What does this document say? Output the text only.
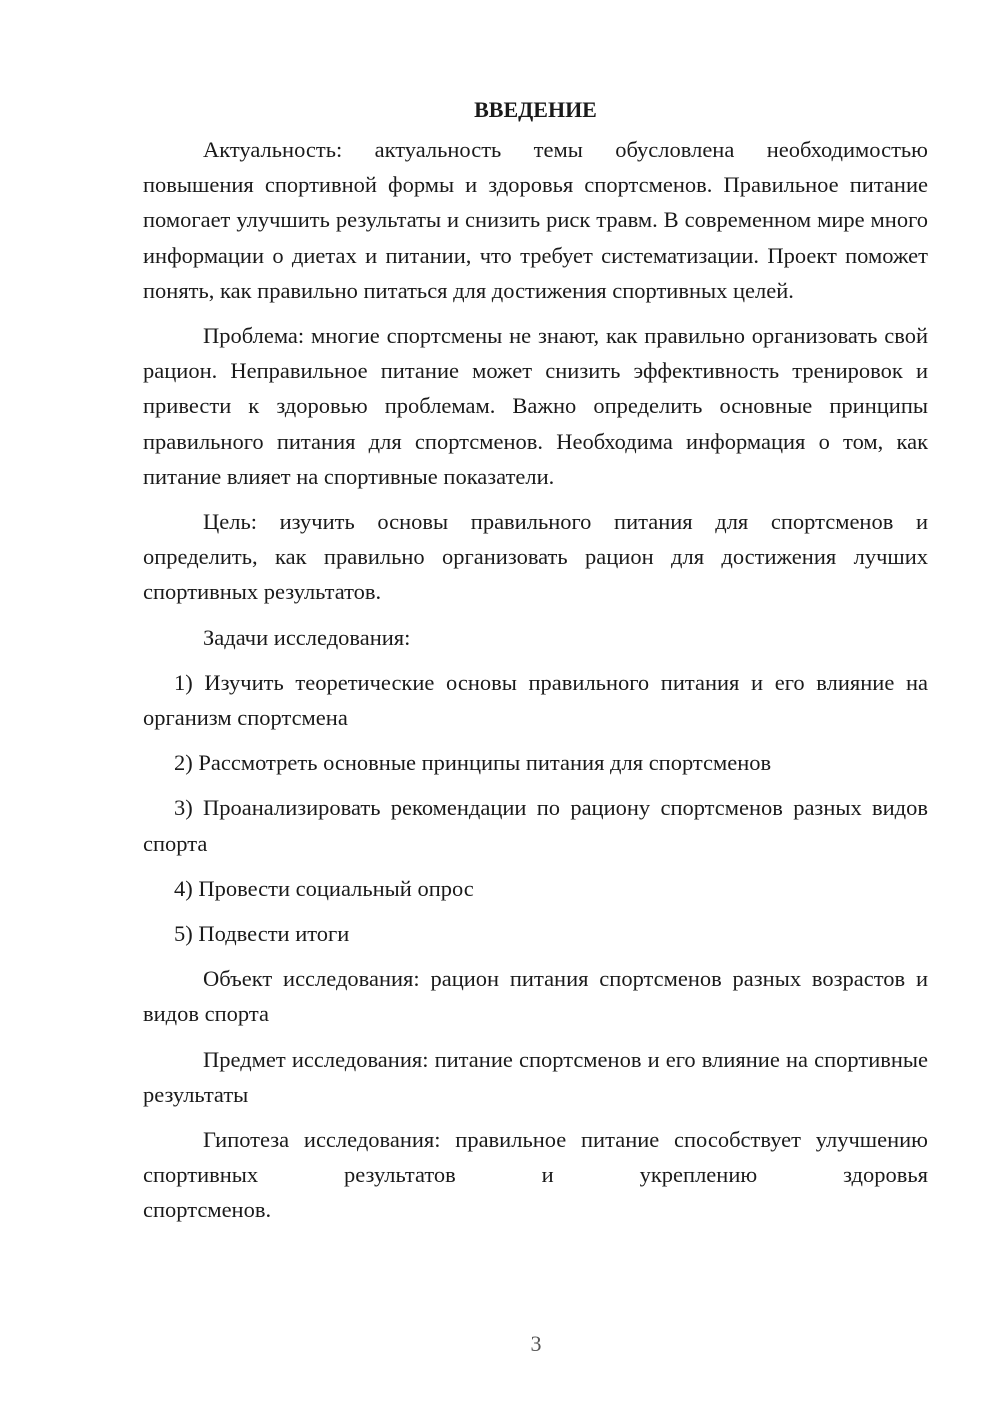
ВВЕДЕНИЕ

Актуальность: актуальность темы обусловлена необходимостью повышения спортивной формы и здоровья спортсменов. Правильное питание помогает улучшить результаты и снизить риск травм. В современном мире много информации о диетах и питании, что требует систематизации. Проект поможет понять, как правильно питаться для достижения спортивных целей.

Проблема: многие спортсмены не знают, как правильно организовать свой рацион. Неправильное питание может снизить эффективность тренировок и привести к здоровью проблемам. Важно определить основные принципы правильного питания для спортсменов. Необходима информация о том, как питание влияет на спортивные показатели.

Цель: изучить основы правильного питания для спортсменов и определить, как правильно организовать рацион для достижения лучших спортивных результатов.

Задачи исследования:

1) Изучить теоретические основы правильного питания и его влияние на организм спортсмена

2) Рассмотреть основные принципы питания для спортсменов

3) Проанализировать рекомендации по рациону спортсменов разных видов спорта

4) Провести социальный опрос

5) Подвести итоги

Объект исследования: рацион питания спортсменов разных возрастов и видов спорта

Предмет исследования: питание спортсменов и его влияние на спортивные результаты

Гипотеза исследования: правильное питание способствует улучшению спортивных результатов и укреплению здоровья

спортсменов.

3
